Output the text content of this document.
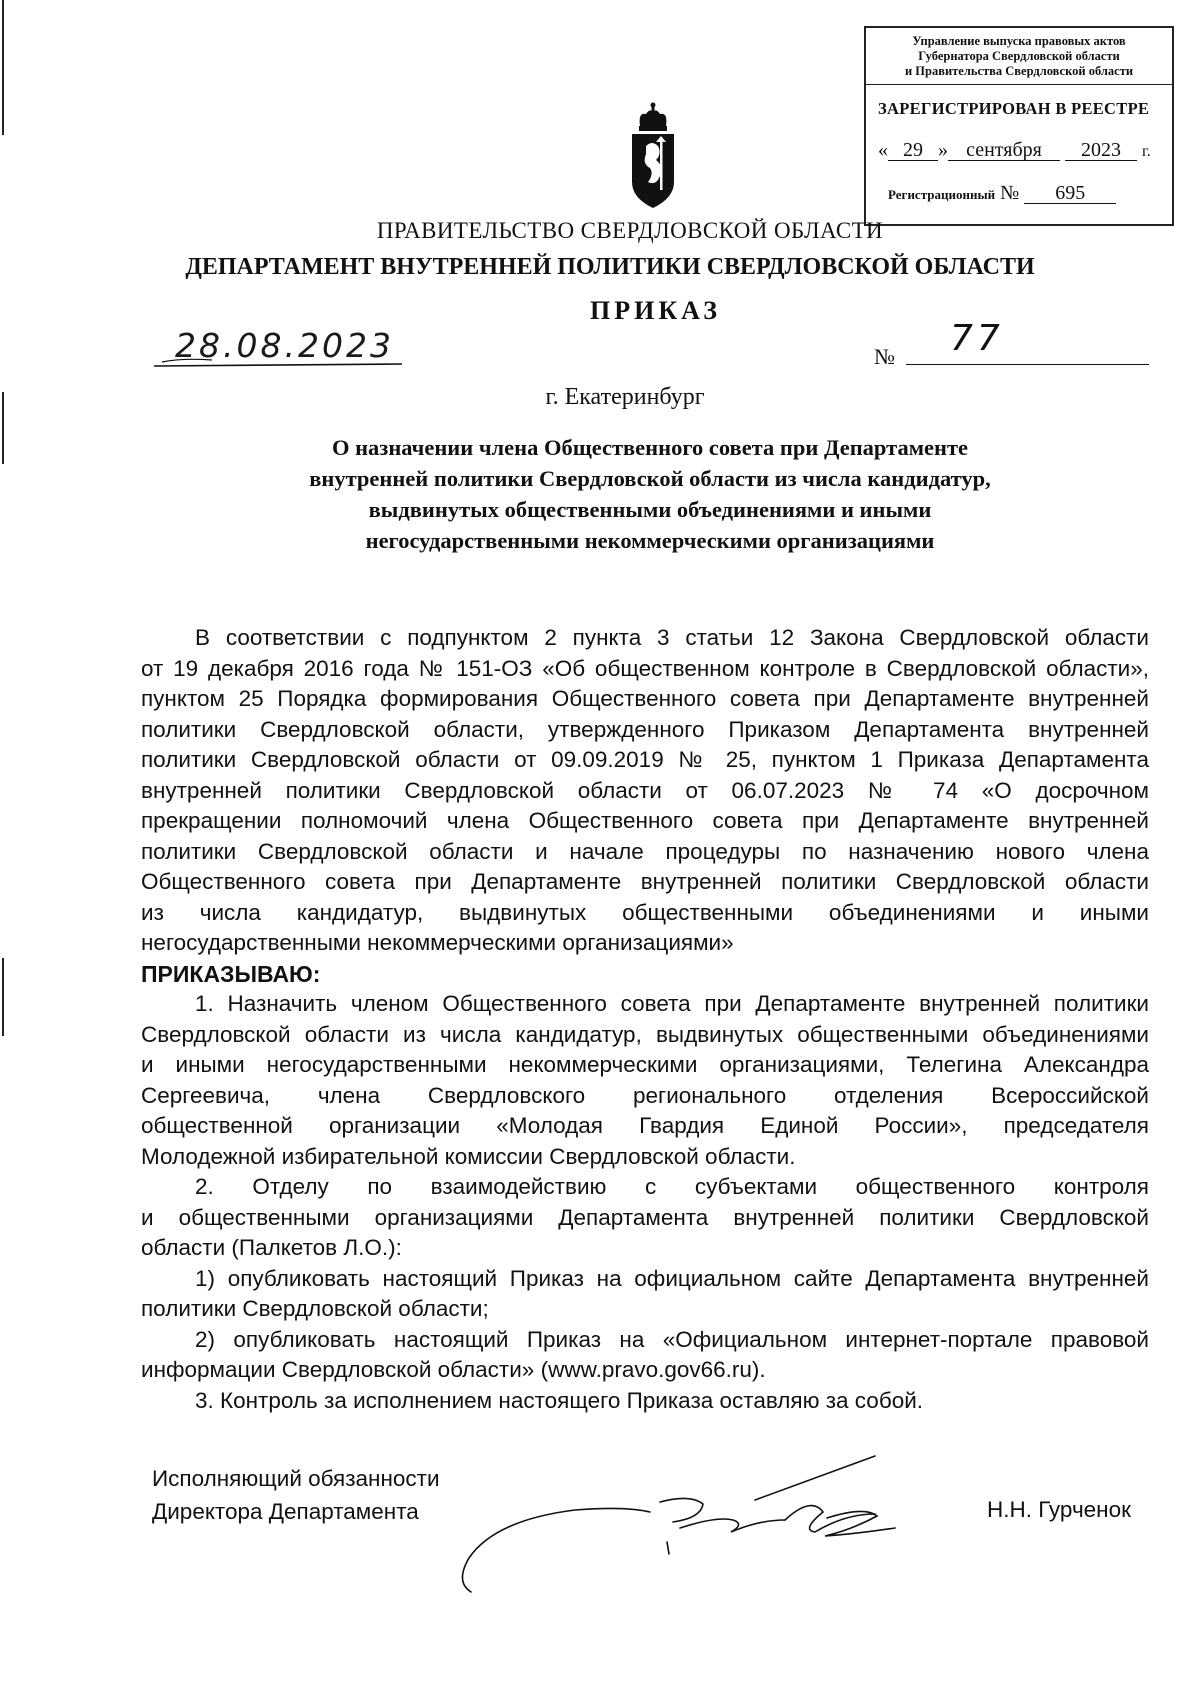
Управление выпуска правовых актов
Губернатора Свердловской области
и Правительства Свердловской области
ЗАРЕГИСТРИРОВАН В РЕЕСТРЕ
« 29 » сентября 2023 г.
Регистрационный № 695
ПРАВИТЕЛЬСТВО СВЕРДЛОВСКОЙ ОБЛАСТИ
ДЕПАРТАМЕНТ ВНУТРЕННЕЙ ПОЛИТИКИ СВЕРДЛОВСКОЙ ОБЛАСТИ
ПРИКАЗ
28.08.2023	№ 77
г. Екатеринбург
О назначении члена Общественного совета при Департаменте
внутренней политики Свердловской области из числа кандидатур,
выдвинутых общественными объединениями и иными
негосударственными некоммерческими организациями
В соответствии с подпунктом 2 пункта 3 статьи 12 Закона Свердловской области
от 19 декабря 2016 года № 151-ОЗ «Об общественном контроле в Свердловской области»,
пунктом 25 Порядка формирования Общественного совета при Департаменте внутренней
политики Свердловской области, утвержденного Приказом Департамента внутренней
политики Свердловской области от 09.09.2019 № 25, пунктом 1 Приказа Департамента
внутренней политики Свердловской области от 06.07.2023 № 74 «О досрочном
прекращении полномочий члена Общественного совета при Департаменте внутренней
политики Свердловской области и начале процедуры по назначению нового члена
Общественного совета при Департаменте внутренней политики Свердловской области
из числа кандидатур, выдвинутых общественными объединениями и иными
негосударственными некоммерческими организациями»
ПРИКАЗЫВАЮ:
1. Назначить членом Общественного совета при Департаменте внутренней политики
Свердловской области из числа кандидатур, выдвинутых общественными объединениями
и иными негосударственными некоммерческими организациями, Телегина Александра
Сергеевича, члена Свердловского регионального отделения Всероссийской
общественной организации «Молодая Гвардия Единой России», председателя
Молодежной избирательной комиссии Свердловской области.
2. Отделу по взаимодействию с субъектами общественного контроля
и общественными организациями Департамента внутренней политики Свердловской
области (Палкетов Л.О.):
1) опубликовать настоящий Приказ на официальном сайте Департамента внутренней
политики Свердловской области;
2) опубликовать настоящий Приказ на «Официальном интернет-портале правовой
информации Свердловской области» (www.pravo.gov66.ru).
3. Контроль за исполнением настоящего Приказа оставляю за собой.
Исполняющий обязанности
Директора Департамента	Н.Н. Гурченок
